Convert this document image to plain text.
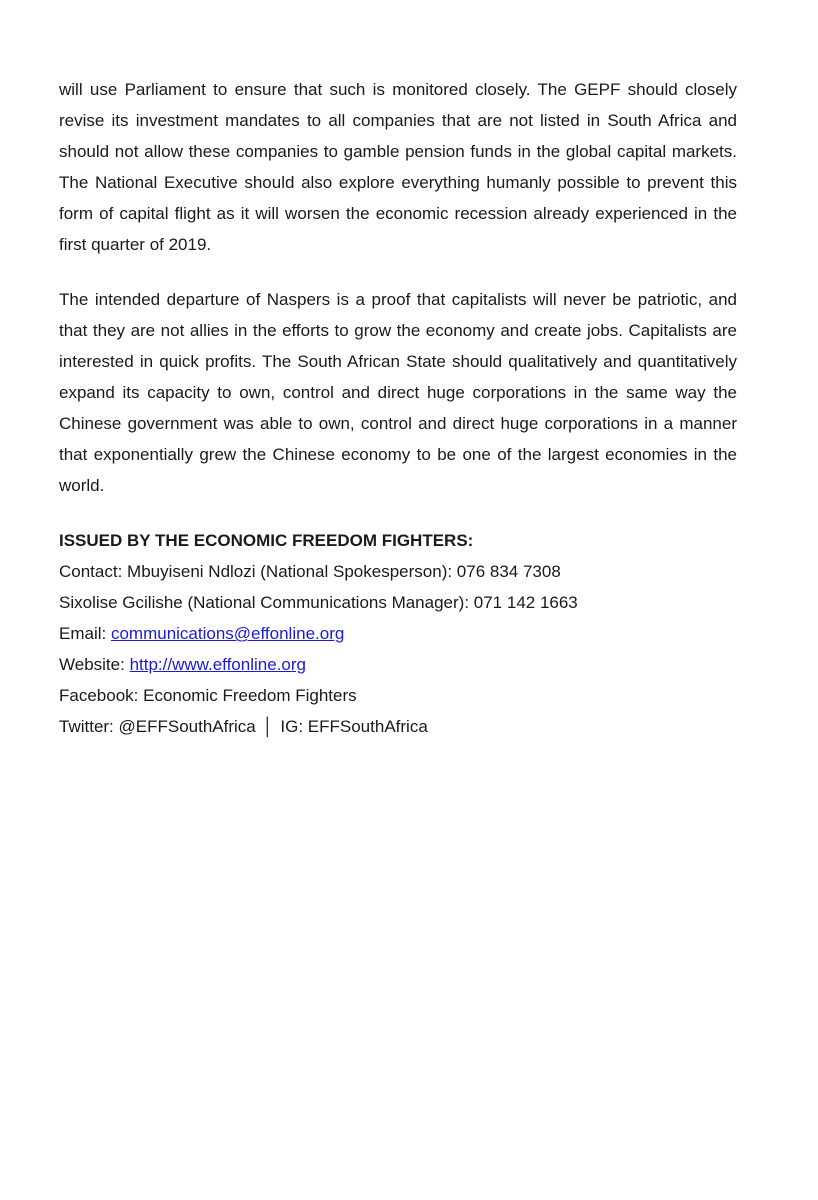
will use Parliament to ensure that such is monitored closely. The GEPF should closely revise its investment mandates to all companies that are not listed in South Africa and should not allow these companies to gamble pension funds in the global capital markets. The National Executive should also explore everything humanly possible to prevent this form of capital flight as it will worsen the economic recession already experienced in the first quarter of 2019.

The intended departure of Naspers is a proof that capitalists will never be patriotic, and that they are not allies in the efforts to grow the economy and create jobs. Capitalists are interested in quick profits. The South African State should qualitatively and quantitatively expand its capacity to own, control and direct huge corporations in the same way the Chinese government was able to own, control and direct huge corporations in a manner that exponentially grew the Chinese economy to be one of the largest economies in the world.

ISSUED BY THE ECONOMIC FREEDOM FIGHTERS:

Contact: Mbuyiseni Ndlozi (National Spokesperson): 076 834 7308

Sixolise Gcilishe (National Communications Manager): 071 142 1663

Email: communications@effonline.org

Website: http://www.effonline.org

Facebook: Economic Freedom Fighters

Twitter: @EFFSouthAfrica │ IG: EFFSouthAfrica
